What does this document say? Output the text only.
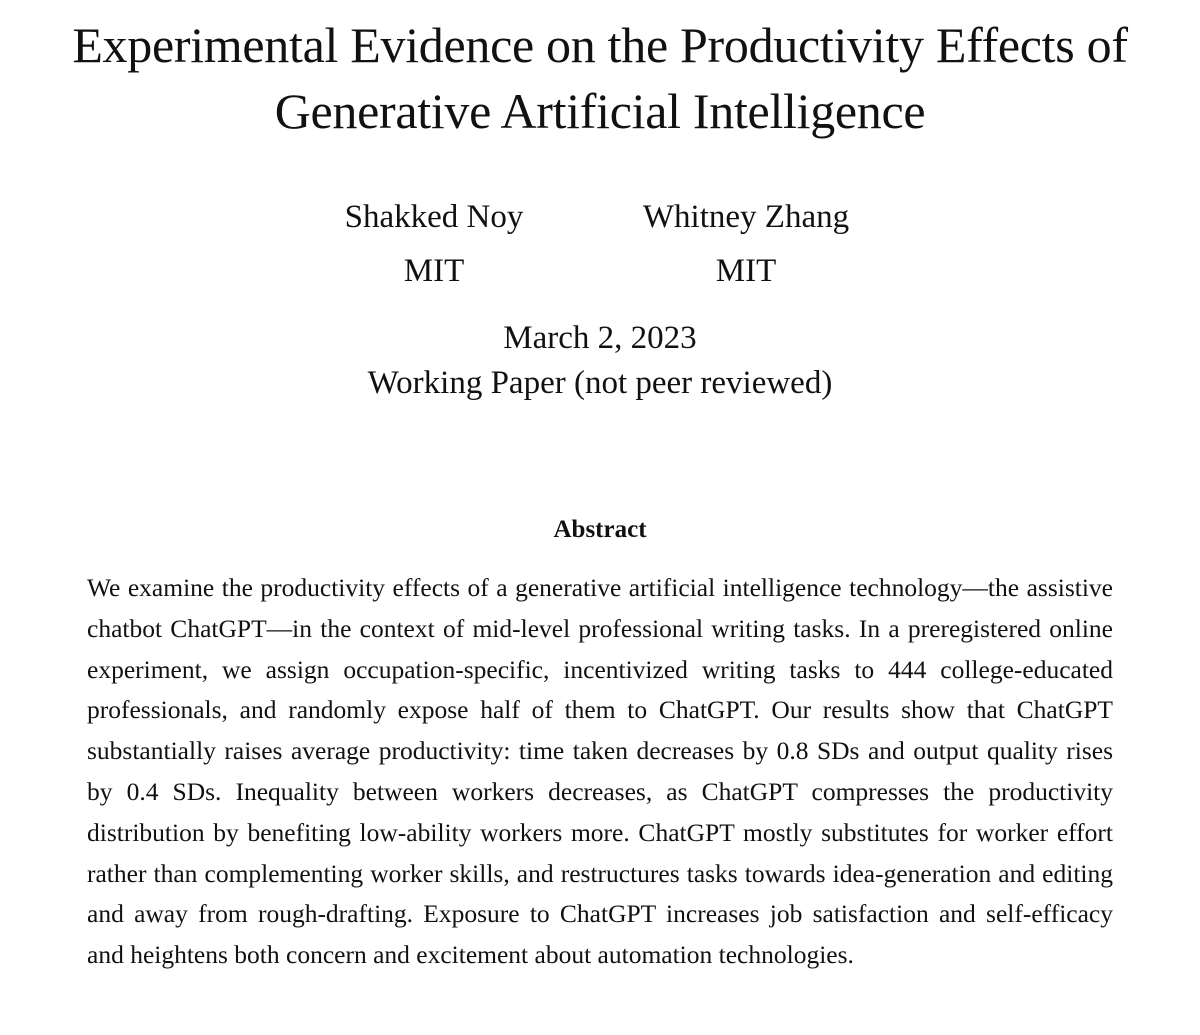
Experimental Evidence on the Productivity Effects of Generative Artificial Intelligence
Shakked Noy
MIT
Whitney Zhang
MIT
March 2, 2023
Working Paper (not peer reviewed)
Abstract

We examine the productivity effects of a generative artificial intelligence technology—the assistive chatbot ChatGPT—in the context of mid-level professional writing tasks. In a preregistered online experiment, we assign occupation-specific, incentivized writing tasks to 444 college-educated professionals, and randomly expose half of them to ChatGPT. Our results show that ChatGPT substantially raises average productivity: time taken decreases by 0.8 SDs and output quality rises by 0.4 SDs. Inequality between workers decreases, as ChatGPT compresses the productivity distribution by benefiting low-ability workers more. ChatGPT mostly substitutes for worker effort rather than complementing worker skills, and restructures tasks towards idea-generation and editing and away from rough-drafting. Exposure to ChatGPT increases job satisfaction and self-efficacy and heightens both concern and excitement about automation technologies.
